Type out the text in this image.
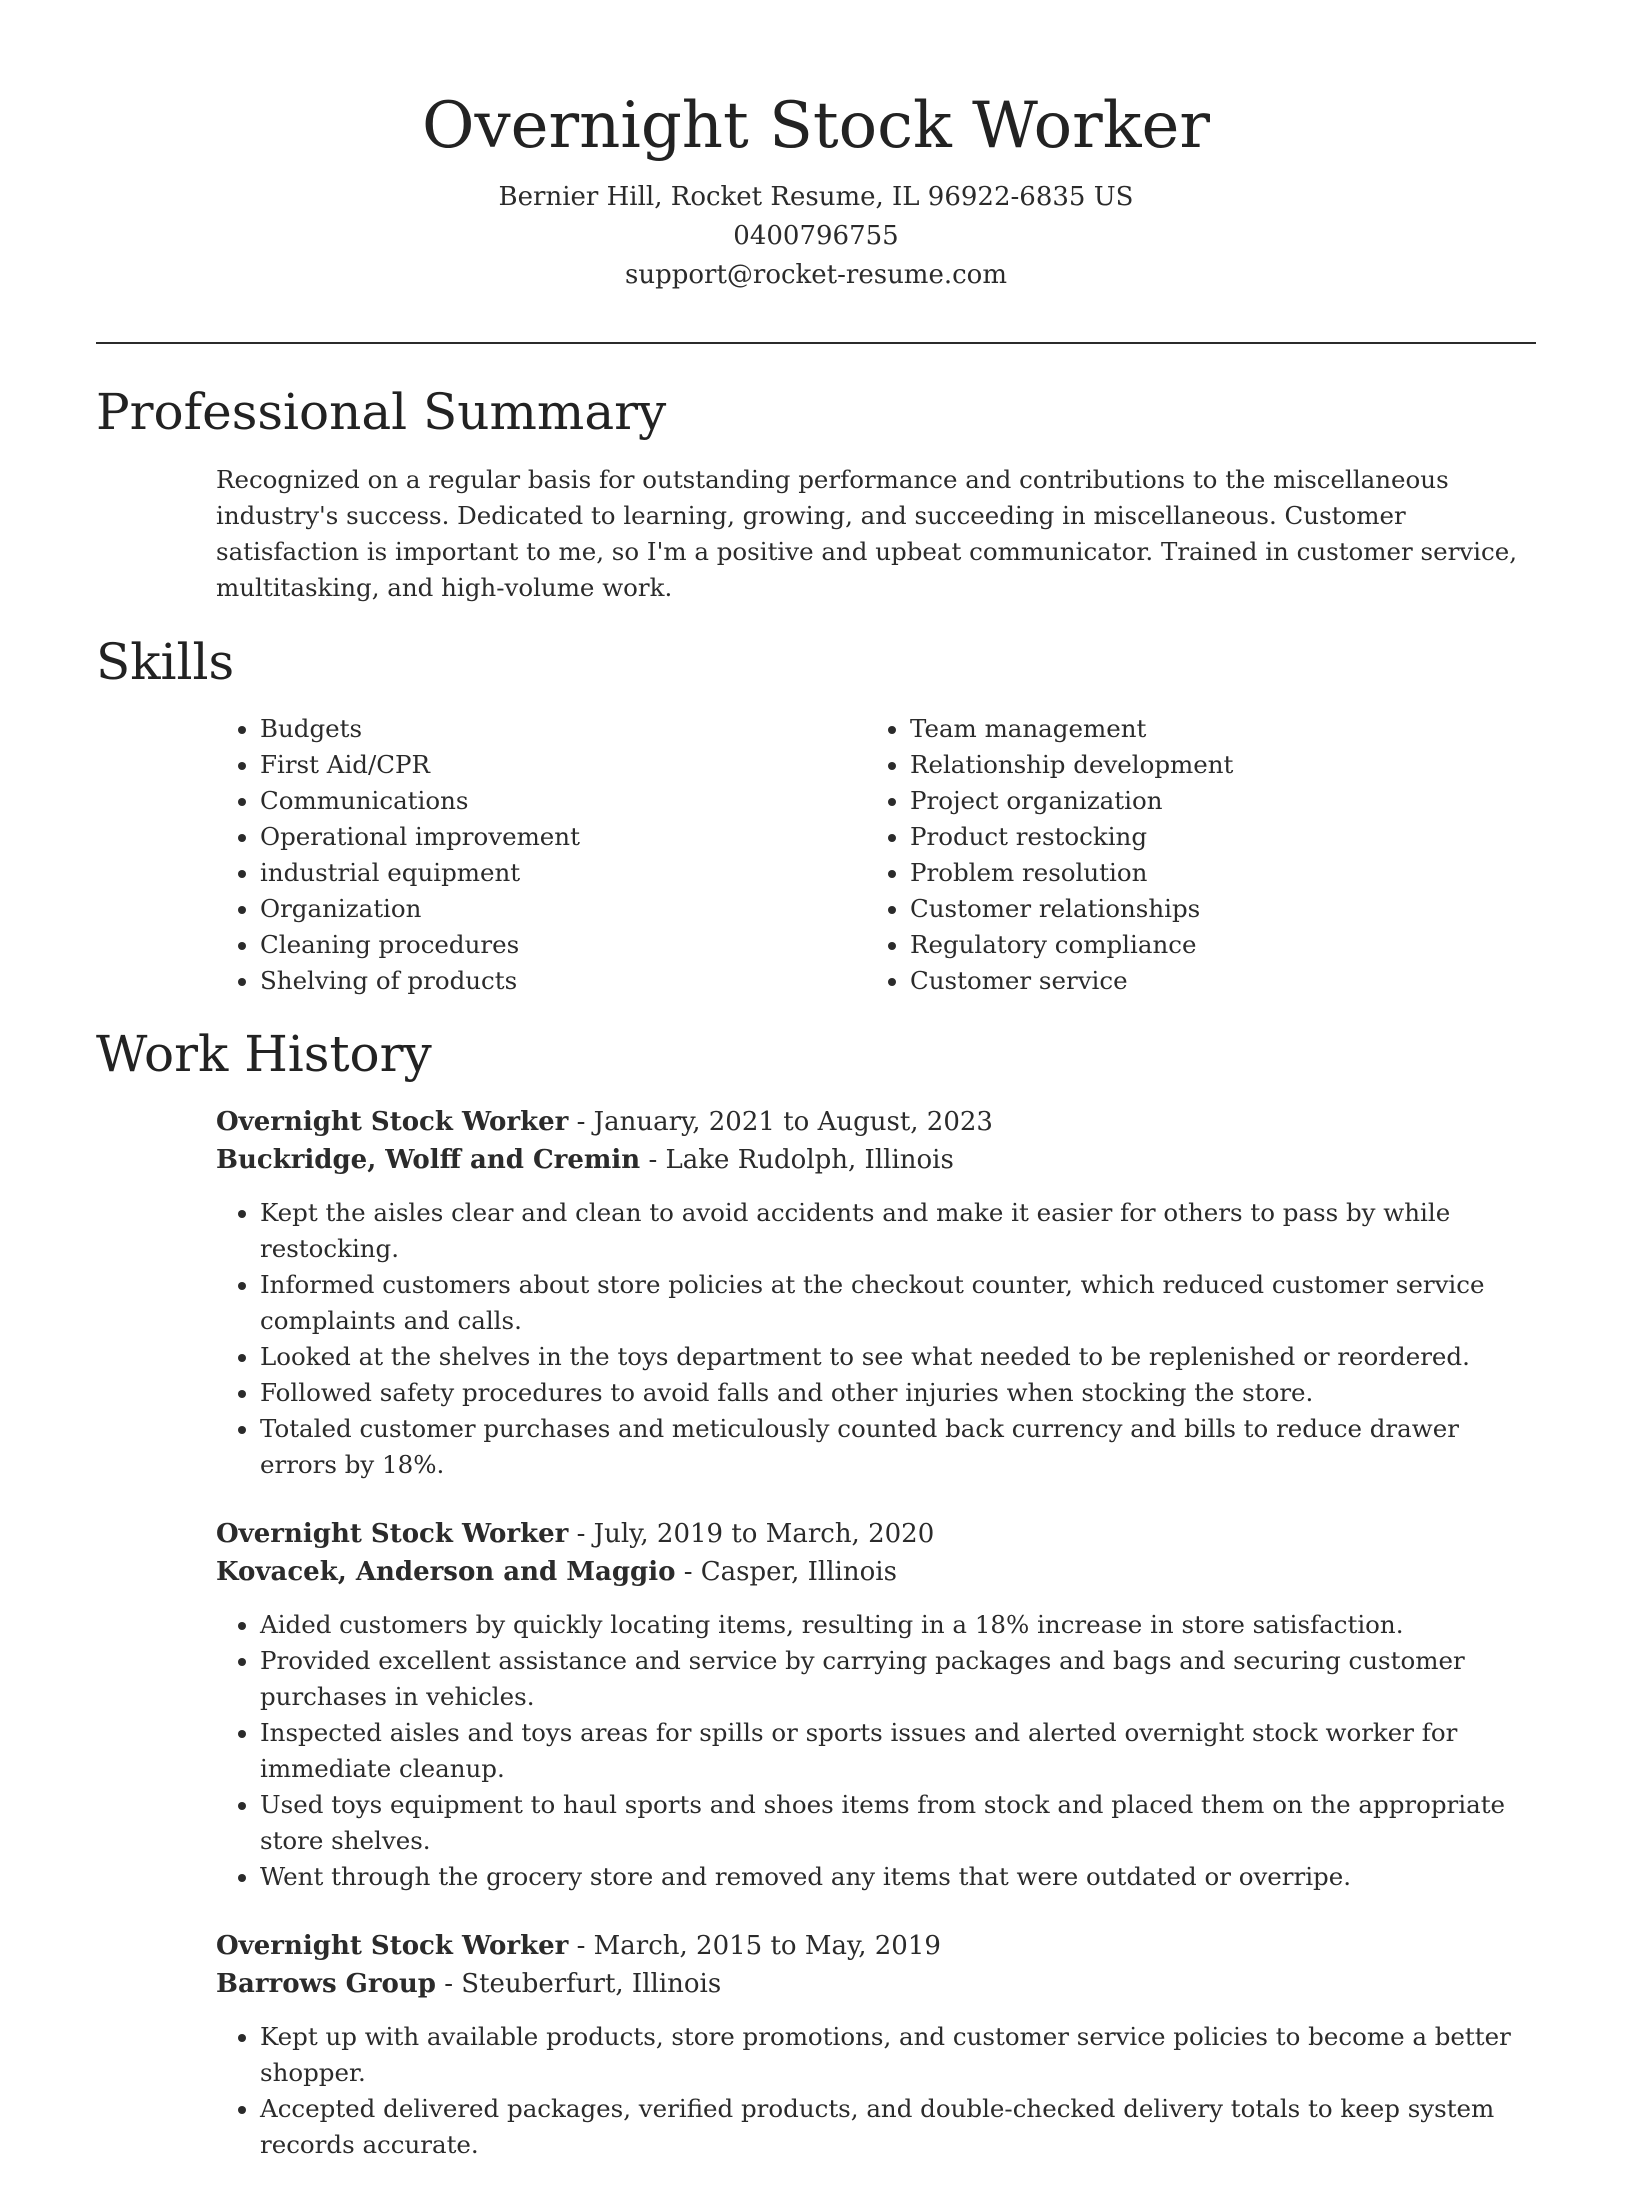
Overnight Stock Worker
Bernier Hill, Rocket Resume, IL 96922-6835 US
0400796755
support@rocket-resume.com
Professional Summary
Recognized on a regular basis for outstanding performance and contributions to the miscellaneous industry's success. Dedicated to learning, growing, and succeeding in miscellaneous. Customer satisfaction is important to me, so I'm a positive and upbeat communicator. Trained in customer service, multitasking, and high-volume work.
Skills
• Budgets
• First Aid/CPR
• Communications
• Operational improvement
• industrial equipment
• Organization
• Cleaning procedures
• Shelving of products
• Team management
• Relationship development
• Project organization
• Product restocking
• Problem resolution
• Customer relationships
• Regulatory compliance
• Customer service
Work History
Overnight Stock Worker - January, 2021 to August, 2023
Buckridge, Wolff and Cremin - Lake Rudolph, Illinois
• Kept the aisles clear and clean to avoid accidents and make it easier for others to pass by while restocking.
• Informed customers about store policies at the checkout counter, which reduced customer service complaints and calls.
• Looked at the shelves in the toys department to see what needed to be replenished or reordered.
• Followed safety procedures to avoid falls and other injuries when stocking the store.
• Totaled customer purchases and meticulously counted back currency and bills to reduce drawer errors by 18%.
Overnight Stock Worker - July, 2019 to March, 2020
Kovacek, Anderson and Maggio - Casper, Illinois
• Aided customers by quickly locating items, resulting in a 18% increase in store satisfaction.
• Provided excellent assistance and service by carrying packages and bags and securing customer purchases in vehicles.
• Inspected aisles and toys areas for spills or sports issues and alerted overnight stock worker for immediate cleanup.
• Used toys equipment to haul sports and shoes items from stock and placed them on the appropriate store shelves.
• Went through the grocery store and removed any items that were outdated or overripe.
Overnight Stock Worker - March, 2015 to May, 2019
Barrows Group - Steuberfurt, Illinois
• Kept up with available products, store promotions, and customer service policies to become a better shopper.
• Accepted delivered packages, verified products, and double-checked delivery totals to keep system records accurate.
